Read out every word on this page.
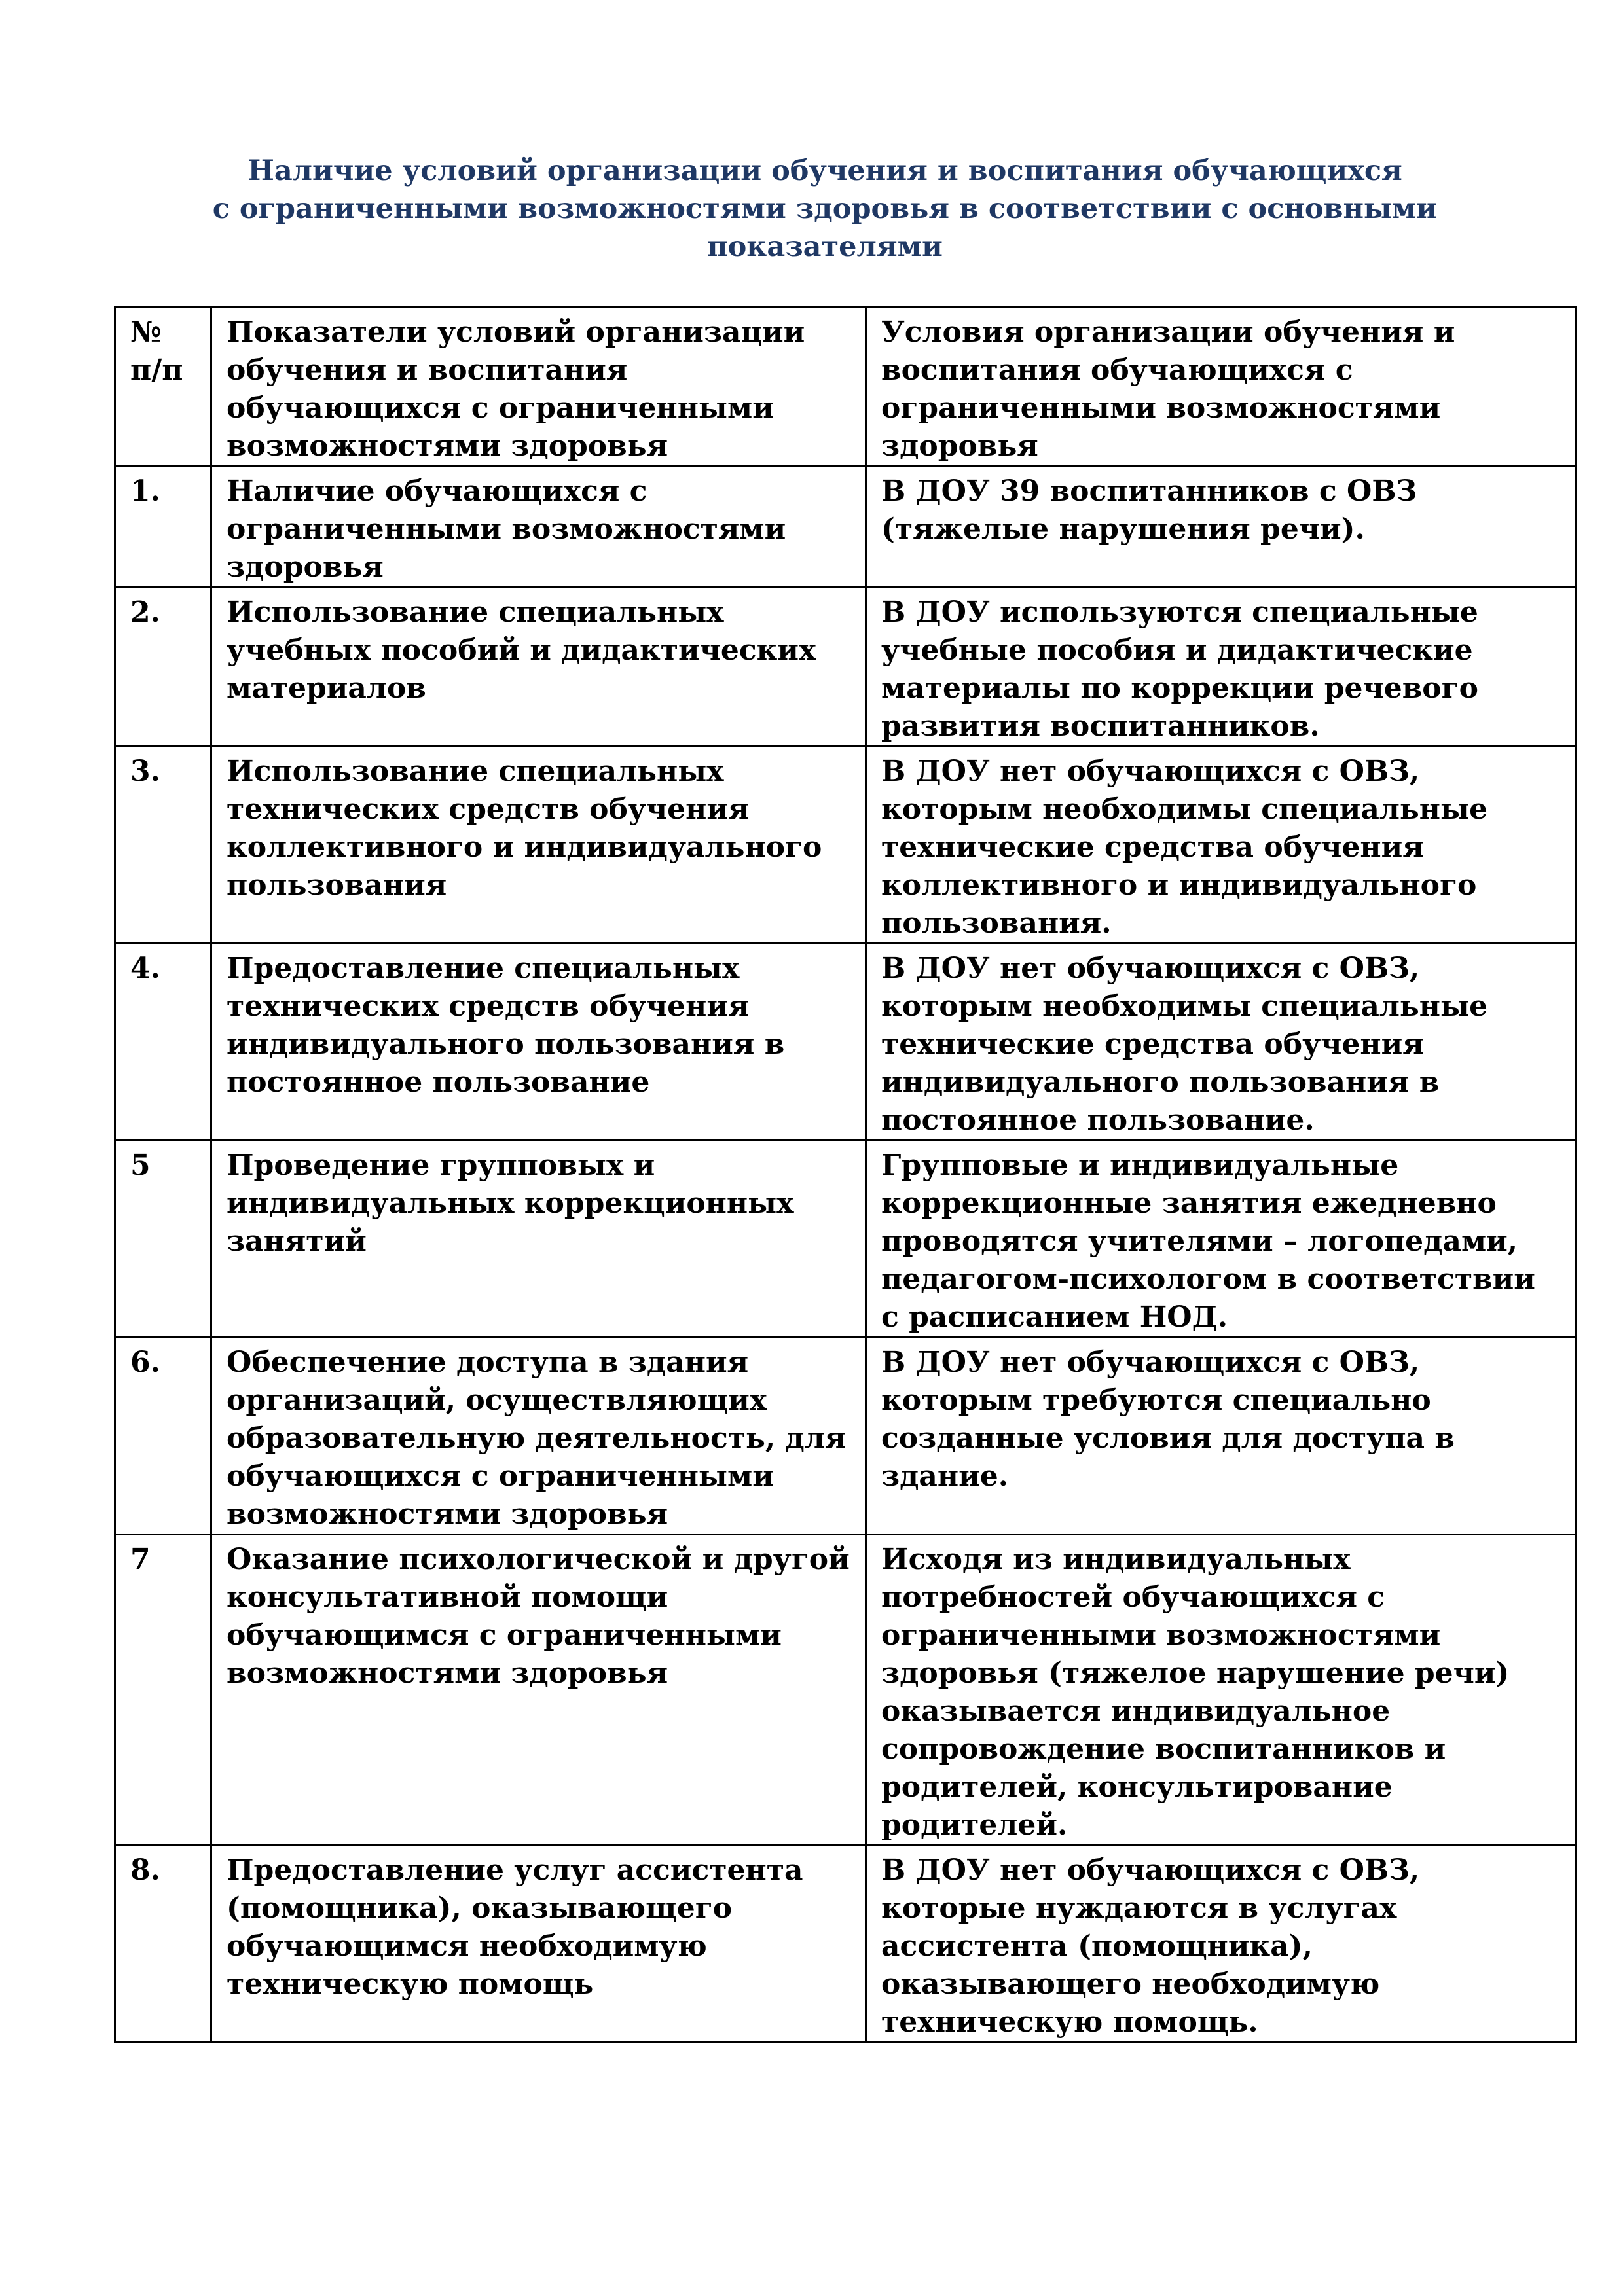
Наличие условий организации обучения и воспитания обучающихся
с ограниченными возможностями здоровья в соответствии с основными
показателями
№ п/п	Показатели условий организации обучения и воспитания обучающихся с ограниченными возможностями здоровья	Условия организации обучения и воспитания обучающихся с ограниченными возможностями здоровья
1.	Наличие обучающихся с ограниченными возможностями здоровья	В ДОУ 39 воспитанников с ОВЗ (тяжелые нарушения речи).
2.	Использование специальных учебных пособий и дидактических материалов	В ДОУ используются специальные учебные пособия и дидактические материалы по коррекции речевого развития воспитанников.
3.	Использование специальных технических средств обучения коллективного и индивидуального пользования	В ДОУ нет обучающихся с ОВЗ, которым необходимы специальные технические средства обучения коллективного и индивидуального пользования.
4.	Предоставление специальных технических средств обучения индивидуального пользования в постоянное пользование	В ДОУ нет обучающихся с ОВЗ, которым необходимы специальные технические средства обучения индивидуального пользования в постоянное пользование.
5	Проведение групповых и индивидуальных коррекционных занятий	Групповые и индивидуальные коррекционные занятия ежедневно проводятся учителями – логопедами, педагогом-психологом в соответствии с расписанием НОД.
6.	Обеспечение доступа в здания организаций, осуществляющих образовательную деятельность, для обучающихся с ограниченными возможностями здоровья	В ДОУ нет обучающихся с ОВЗ, которым требуются специально созданные условия для доступа в здание.
7	Оказание психологической и другой консультативной помощи обучающимся с ограниченными возможностями здоровья	Исходя из индивидуальных потребностей обучающихся с ограниченными возможностями здоровья (тяжелое нарушение речи) оказывается индивидуальное сопровождение воспитанников и родителей, консультирование родителей.
8.	Предоставление услуг ассистента (помощника), оказывающего обучающимся необходимую техническую помощь	В ДОУ нет обучающихся с ОВЗ, которые нуждаются в услугах ассистента (помощника), оказывающего необходимую техническую помощь.
